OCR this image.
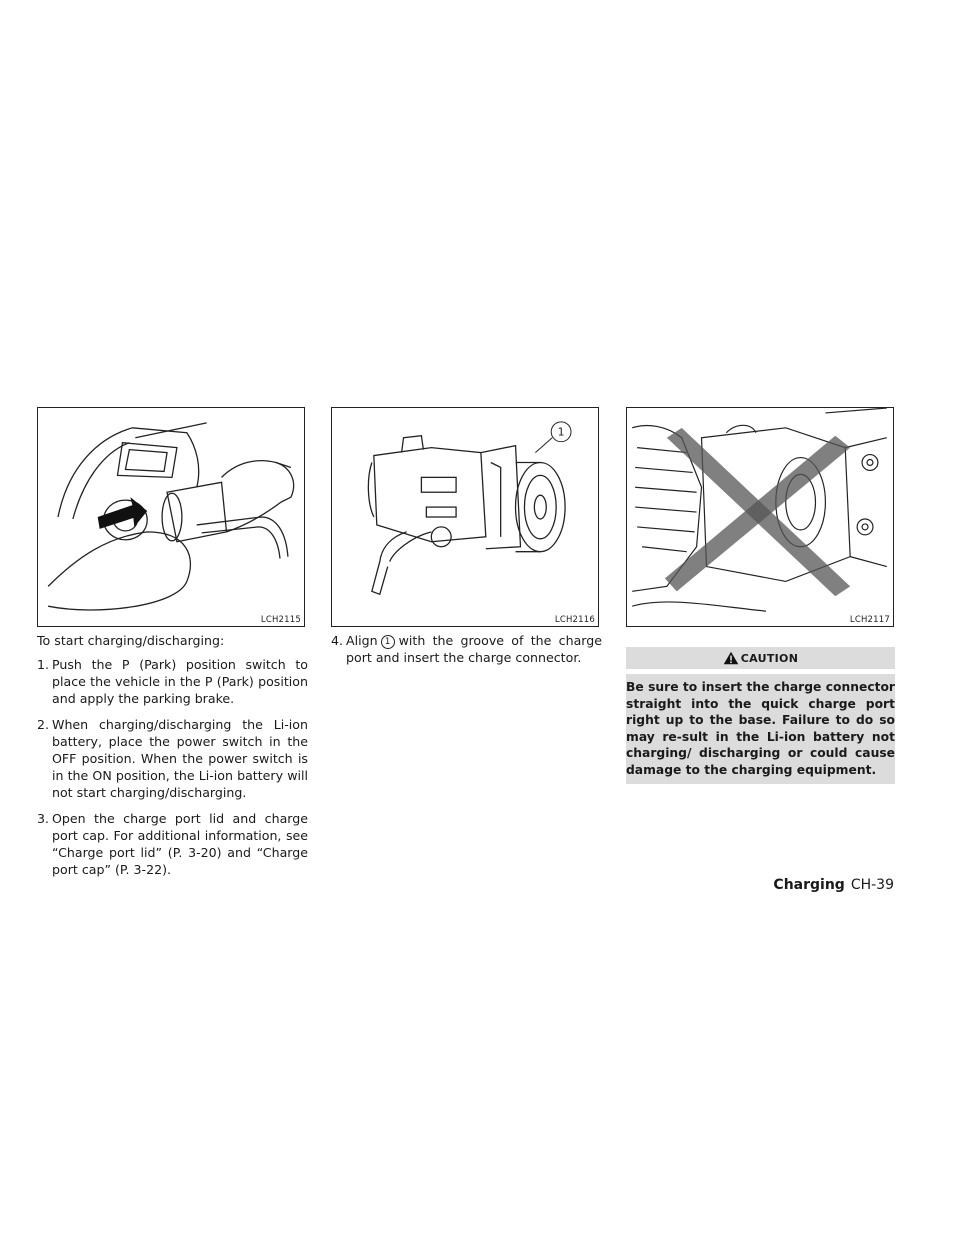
LCH2115
1
LCH2116	LCH2117

To start charging/discharging:

1. Push the P (Park) position switch to place the vehicle in the P (Park) position and apply the parking brake.

2. When charging/discharging the Li-ion battery, place the power switch in the OFF position. When the power switch is in the ON position, the Li-ion battery will not start charging/discharging.

3. Open the charge port lid and charge port cap. For additional information, see “Charge port lid” (P. 3-20) and “Charge port cap” (P. 3-22).

4. Align 1 with the groove of the charge port and insert the charge connector.	CAUTION
Be sure to insert the charge connector straight into the quick charge port right up to the base. Failure to do so may re-sult in the Li-ion battery not charging/ discharging or could cause damage to the charging equipment.
Charging CH-39
